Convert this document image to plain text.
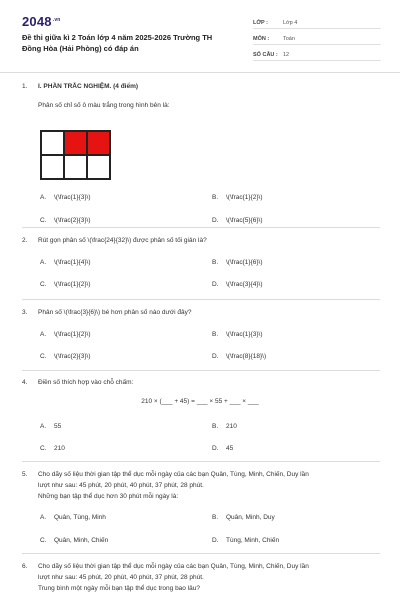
$2048^{.vn}$
Đề thi giữa kì 2 Toán lớp 4 năm 2025-2026 Trường TH Đồng Hòa (Hải Phòng) có đáp án
LỚP :	Lớp 4
MÔN :	Toán
SỐ CÂU : 12
1. I. PHẦN TRẮC NGHIỆM. (4 điểm)
Phân số chỉ số ô màu trắng trong hình bên là:
A. \(\frac{1}{3}\)	B. \(\frac{1}{2}\)
C. \(\frac{2}{3}\)	D. \(\frac{5}{6}\)
2. Rút gọn phân số \(\frac{24}{32}\) được phân số tối giản là?
A. \(\frac{1}{4}\)	B. \(\frac{1}{6}\)
C. \(\frac{1}{2}\)	D. \(\frac{3}{4}\)
3. Phân số \(\frac{3}{6}\) bé hơn phân số nào dưới đây?
A. \(\frac{1}{2}\)	B. \(\frac{1}{3}\)
C. \(\frac{2}{3}\)	D. \(\frac{8}{18}\)
4. Điền số thích hợp vào chỗ chấm:
210 × (___ + 45) = ___ × 55 + ___ × ___
A. 55	B. 210
C. 210	D. 45
5. Cho dãy số liệu thời gian tập thể dục mỗi ngày của các bạn Quân, Tùng, Minh, Chiến, Duy lần
lượt như sau: 45 phút, 20 phút, 40 phút, 37 phút, 28 phút.
Những bạn tập thể dục hơn 30 phút mỗi ngày là:
A. Quân, Tùng, Minh	B. Quân, Minh, Duy
C. Quân, Minh, Chiến	D. Tùng, Minh, Chiến
6. Cho dãy số liệu thời gian tập thể dục mỗi ngày của các bạn Quân, Tùng, Minh, Chiến, Duy lần
lượt như sau: 45 phút, 20 phút, 40 phút, 37 phút, 28 phút.
Trung bình một ngày mỗi bạn tập thể dục trong bao lâu?
